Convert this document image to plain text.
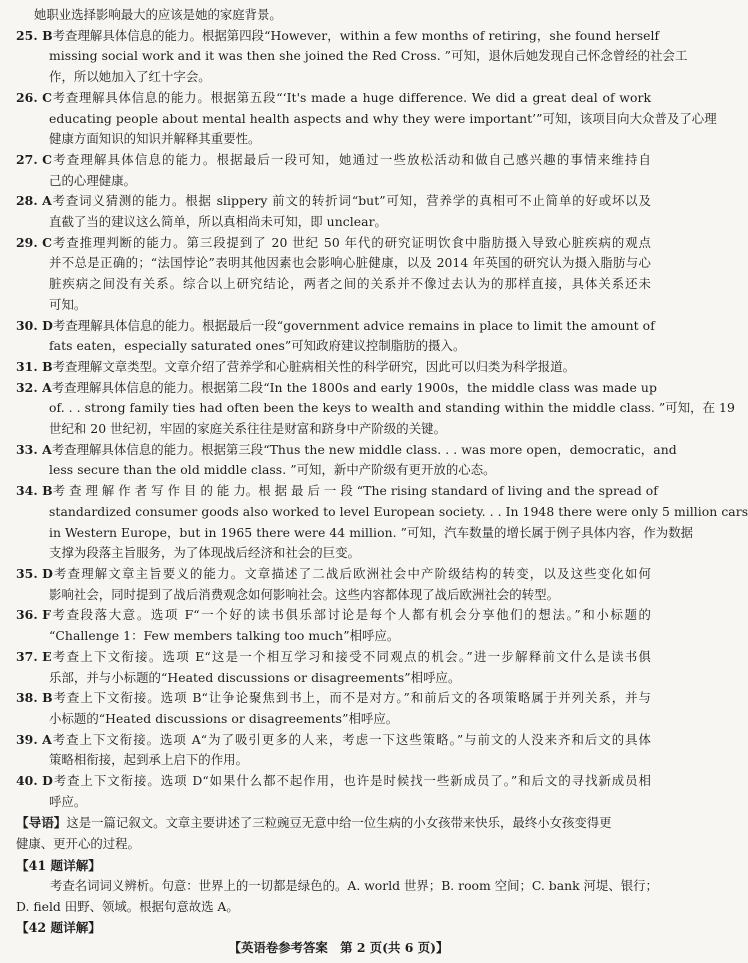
她职业选择影响最大的应该是她的家庭背景。
25. B考查理解具体信息的能力。根据第四段“However，within a few months of retiring，she found herself
missing social work and it was then she joined the Red Cross. ”可知，退休后她发现自己怀念曾经的社会工
作，所以她加入了红十字会。
26. C考查理解具体信息的能力。根据第五段“‘It's made a huge difference. We did a great deal of work
educating people about mental health aspects and why they were important’”可知，该项目向大众普及了心理
健康方面知识的知识并解释其重要性。
27. C考查理解具体信息的能力。根据最后一段可知，她通过一些放松活动和做自己感兴趣的事情来维持自
己的心理健康。
28. A考查词义猜测的能力。根据 slippery 前文的转折词“but”可知，营养学的真相可不止简单的好或坏以及
直截了当的建议这么简单，所以真相尚未可知，即 unclear。
29. C考查推理判断的能力。第三段提到了 20 世纪 50 年代的研究证明饮食中脂肪摄入导致心脏疾病的观点
并不总是正确的；“法国悖论”表明其他因素也会影响心脏健康，以及 2014 年英国的研究认为摄入脂肪与心
脏疾病之间没有关系。综合以上研究结论，两者之间的关系并不像过去认为的那样直接，具体关系还未
可知。
30. D考查理解具体信息的能力。根据最后一段“government advice remains in place to limit the amount of
fats eaten，especially saturated ones”可知政府建议控制脂肪的摄入。
31. B考查理解文章类型。文章介绍了营养学和心脏病相关性的科学研究，因此可以归类为科学报道。
32. A考查理解具体信息的能力。根据第二段“In the 1800s and early 1900s，the middle class was made up
of. . . strong family ties had often been the keys to wealth and standing within the middle class. ”可知，在 19
世纪和 20 世纪初，牢固的家庭关系往往是财富和跻身中产阶级的关键。
33. A考查理解具体信息的能力。根据第三段“Thus the new middle class. . . was more open，democratic，and
less secure than the old middle class. ”可知，新中产阶级有更开放的心态。
34. B考 查 理 解 作 者 写 作 目 的 能 力。根 据 最 后 一 段 “The rising standard of living and the spread of
standardized consumer goods also worked to level European society. . . In 1948 there were only 5 million cars
in Western Europe，but in 1965 there were 44 million. ”可知，汽车数量的增长属于例子具体内容，作为数据
支撑为段落主旨服务，为了体现战后经济和社会的巨变。
35. D考查理解文章主旨要义的能力。文章描述了二战后欧洲社会中产阶级结构的转变，以及这些变化如何
影响社会，同时提到了战后消费观念如何影响社会。这些内容都体现了战后欧洲社会的转型。
36. F考查段落大意。选项 F“一个好的读书俱乐部讨论是每个人都有机会分享他们的想法。”和小标题的
“Challenge 1：Few members talking too much”相呼应。
37. E考查上下文衔接。选项 E“这是一个相互学习和接受不同观点的机会。”进一步解释前文什么是读书俱
乐部，并与小标题的“Heated discussions or disagreements”相呼应。
38. B考查上下文衔接。选项 B“让争论聚焦到书上，而不是对方。”和前后文的各项策略属于并列关系，并与
小标题的“Heated discussions or disagreements”相呼应。
39. A考查上下文衔接。选项 A“为了吸引更多的人来，考虑一下这些策略。”与前文的人没来齐和后文的具体
策略相衔接，起到承上启下的作用。
40. D考查上下文衔接。选项 D“如果什么都不起作用，也许是时候找一些新成员了。”和后文的寻找新成员相
呼应。
【导语】这是一篇记叙文。文章主要讲述了三粒豌豆无意中给一位生病的小女孩带来快乐，最终小女孩变得更
健康、更开心的过程。
【41 题详解】
考查名词词义辨析。句意：世界上的一切都是绿色的。A. world 世界；B. room 空间；C. bank 河堤、银行；
D. field 田野、领域。根据句意故选 A。
【42 题详解】
【英语卷参考答案　第 2 页(共 6 页)】
